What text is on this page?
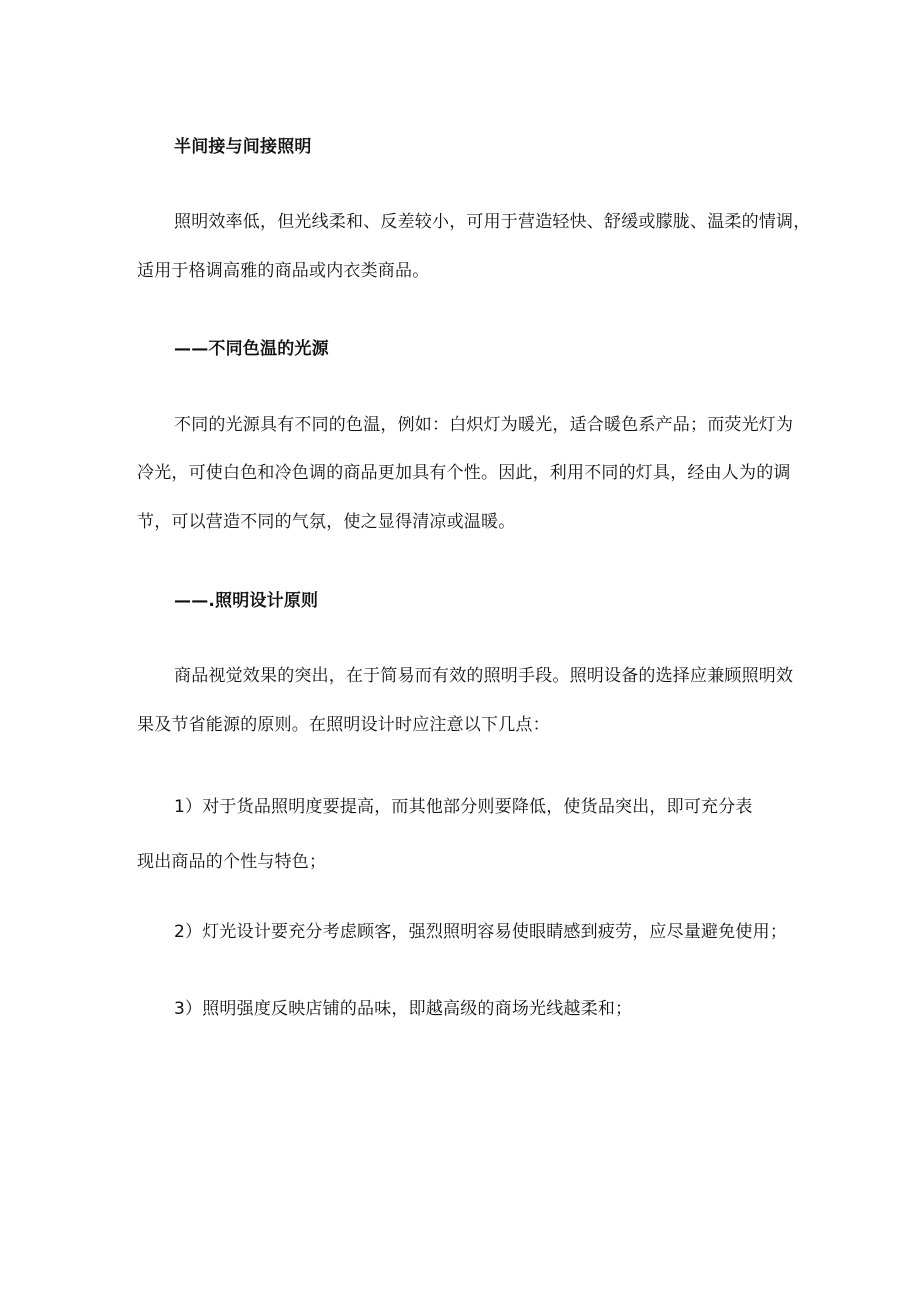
半间接与间接照明
照明效率低，但光线柔和、反差较小，可用于营造轻快、舒缓或朦胧、温柔的情调，
适用于格调高雅的商品或内衣类商品。
——不同色温的光源
不同的光源具有不同的色温，例如：白炽灯为暖光，适合暖色系产品；而荧光灯为
冷光，可使白色和冷色调的商品更加具有个性。因此，利用不同的灯具，经由人为的调
节，可以营造不同的气氛，使之显得清凉或温暖。
——.照明设计原则
商品视觉效果的突出，在于简易而有效的照明手段。照明设备的选择应兼顾照明效
果及节省能源的原则。在照明设计时应注意以下几点：
1）对于货品照明度要提高，而其他部分则要降低，使货品突出，即可充分表
现出商品的个性与特色；
2）灯光设计要充分考虑顾客，强烈照明容易使眼睛感到疲劳，应尽量避免使用；
3）照明强度反映店铺的品味，即越高级的商场光线越柔和；
